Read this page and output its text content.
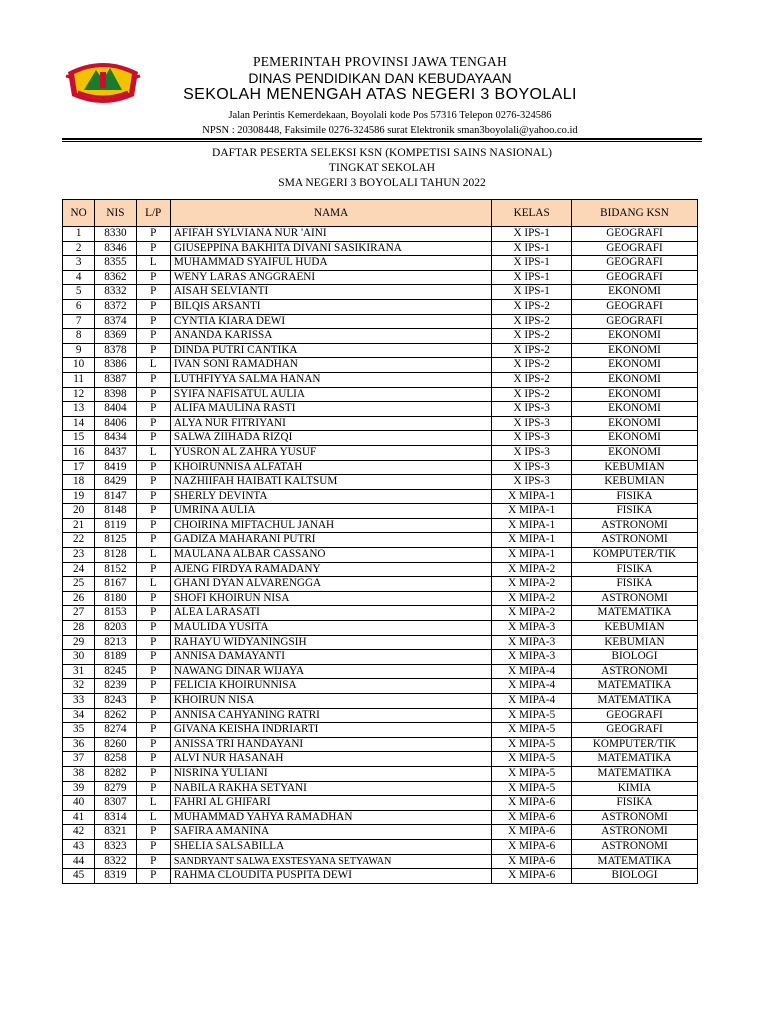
PEMERINTAH PROVINSI JAWA TENGAH
DINAS PENDIDIKAN DAN KEBUDAYAAN
SEKOLAH MENENGAH ATAS NEGERI 3 BOYOLALI
Jalan Perintis Kemerdekaan, Boyolali kode Pos 57316 Telepon 0276-324586
NPSN : 20308448, Faksimile 0276-324586 surat Elektronik sman3boyolali@yahoo.co.id
DAFTAR PESERTA SELEKSI KSN (KOMPETISI SAINS NASIONAL)
TINGKAT SEKOLAH
SMA NEGERI 3 BOYOLALI TAHUN 2022
NO	NIS	L/P	NAMA	KELAS	BIDANG KSN
1	8330	P	AFIFAH SYLVIANA NUR 'AINI	X IPS-1	GEOGRAFI
2	8346	P	GIUSEPPINA BAKHITA DIVANI SASIKIRANA	X IPS-1	GEOGRAFI
3	8355	L	MUHAMMAD SYAIFUL HUDA	X IPS-1	GEOGRAFI
4	8362	P	WENY LARAS ANGGRAENI	X IPS-1	GEOGRAFI
5	8332	P	AISAH SELVIANTI	X IPS-1	EKONOMI
6	8372	P	BILQIS ARSANTI	X IPS-2	GEOGRAFI
7	8374	P	CYNTIA KIARA DEWI	X IPS-2	GEOGRAFI
8	8369	P	ANANDA KARISSA	X IPS-2	EKONOMI
9	8378	P	DINDA PUTRI CANTIKA	X IPS-2	EKONOMI
10	8386	L	IVAN SONI RAMADHAN	X IPS-2	EKONOMI
11	8387	P	LUTHFIYYA SALMA HANAN	X IPS-2	EKONOMI
12	8398	P	SYIFA NAFISATUL AULIA	X IPS-2	EKONOMI
13	8404	P	ALIFA MAULINA RASTI	X IPS-3	EKONOMI
14	8406	P	ALYA NUR FITRIYANI	X IPS-3	EKONOMI
15	8434	P	SALWA ZIIHADA RIZQI	X IPS-3	EKONOMI
16	8437	L	YUSRON AL ZAHRA YUSUF	X IPS-3	EKONOMI
17	8419	P	KHOIRUNNISA ALFATAH	X IPS-3	KEBUMIAN
18	8429	P	NAZHIIFAH HAIBATI KALTSUM	X IPS-3	KEBUMIAN
19	8147	P	SHERLY DEVINTA	X MIPA-1	FISIKA
20	8148	P	UMRINA AULIA	X MIPA-1	FISIKA
21	8119	P	CHOIRINA MIFTACHUL JANAH	X MIPA-1	ASTRONOMI
22	8125	P	GADIZA MAHARANI PUTRI	X MIPA-1	ASTRONOMI
23	8128	L	MAULANA ALBAR CASSANO	X MIPA-1	KOMPUTER/TIK
24	8152	P	AJENG FIRDYA RAMADANY	X MIPA-2	FISIKA
25	8167	L	GHANI DYAN ALVARENGGA	X MIPA-2	FISIKA
26	8180	P	SHOFI KHOIRUN NISA	X MIPA-2	ASTRONOMI
27	8153	P	ALEA LARASATI	X MIPA-2	MATEMATIKA
28	8203	P	MAULIDA YUSITA	X MIPA-3	KEBUMIAN
29	8213	P	RAHAYU WIDYANINGSIH	X MIPA-3	KEBUMIAN
30	8189	P	ANNISA DAMAYANTI	X MIPA-3	BIOLOGI
31	8245	P	NAWANG DINAR WIJAYA	X MIPA-4	ASTRONOMI
32	8239	P	FELICIA KHOIRUNNISA	X MIPA-4	MATEMATIKA
33	8243	P	KHOIRUN NISA	X MIPA-4	MATEMATIKA
34	8262	P	ANNISA CAHYANING RATRI	X MIPA-5	GEOGRAFI
35	8274	P	GIVANA KEISHA INDRIARTI	X MIPA-5	GEOGRAFI
36	8260	P	ANISSA TRI HANDAYANI	X MIPA-5	KOMPUTER/TIK
37	8258	P	ALVI NUR HASANAH	X MIPA-5	MATEMATIKA
38	8282	P	NISRINA YULIANI	X MIPA-5	MATEMATIKA
39	8279	P	NABILA RAKHA SETYANI	X MIPA-5	KIMIA
40	8307	L	FAHRI AL GHIFARI	X MIPA-6	FISIKA
41	8314	L	MUHAMMAD YAHYA RAMADHAN	X MIPA-6	ASTRONOMI
42	8321	P	SAFIRA AMANINA	X MIPA-6	ASTRONOMI
43	8323	P	SHELIA SALSABILLA	X MIPA-6	ASTRONOMI
44	8322	P	SANDRYANT SALWA EXSTESYANA SETYAWAN	X MIPA-6	MATEMATIKA
45	8319	P	RAHMA CLOUDITA PUSPITA DEWI	X MIPA-6	BIOLOGI
